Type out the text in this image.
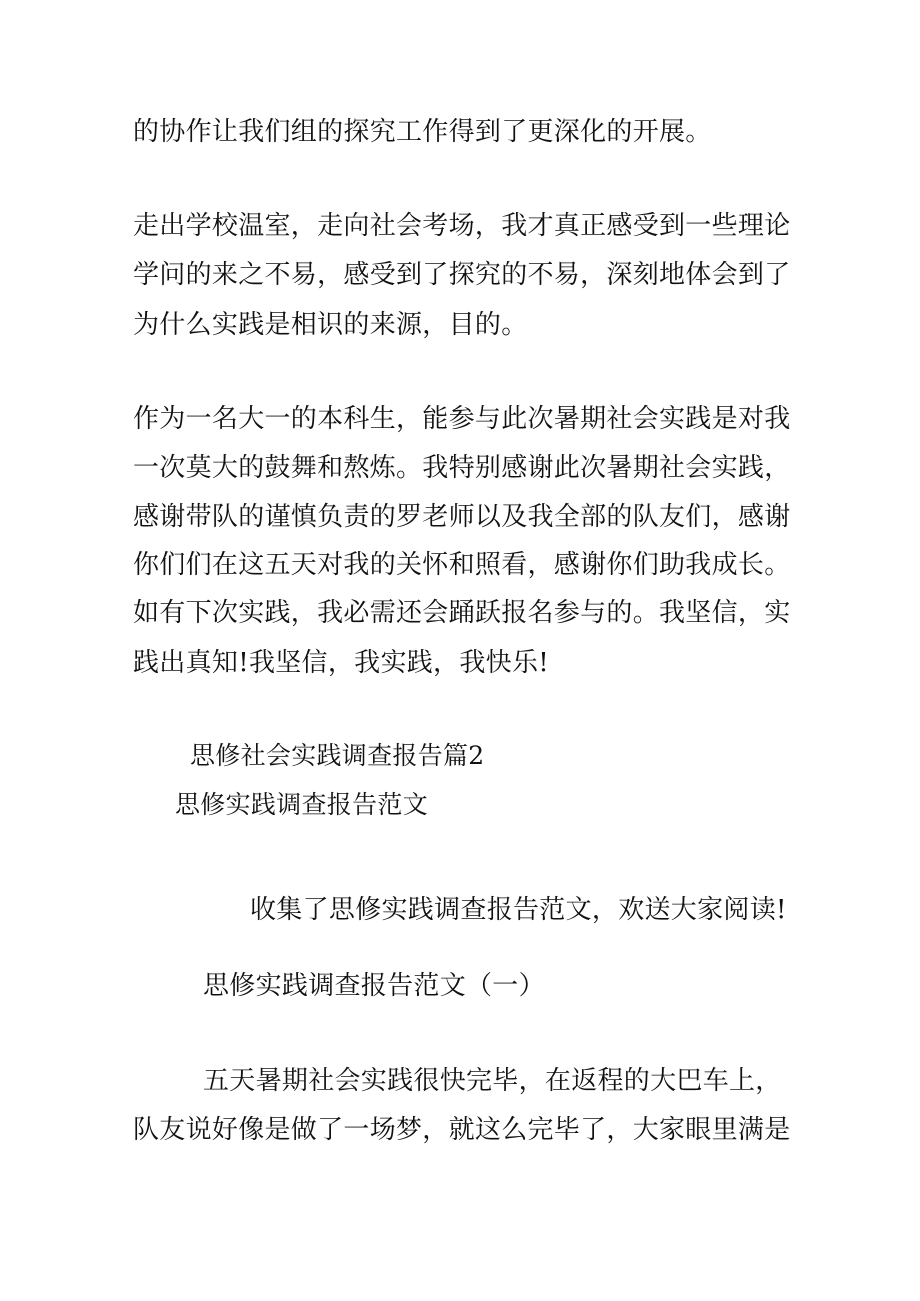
的协作让我们组的探究工作得到了更深化的开展。
走出学校温室，走向社会考场，我才真正感受到一些理论
学问的来之不易，感受到了探究的不易，深刻地体会到了
为什么实践是相识的来源，目的。
作为一名大一的本科生，能参与此次暑期社会实践是对我
一次莫大的鼓舞和熬炼。我特别感谢此次暑期社会实践，
感谢带队的谨慎负责的罗老师以及我全部的队友们，感谢
你们们在这五天对我的关怀和照看，感谢你们助我成长。
如有下次实践，我必需还会踊跃报名参与的。我坚信，实
践出真知!我坚信，我实践，我快乐!
思修社会实践调查报告篇2
思修实践调查报告范文
收集了思修实践调查报告范文，欢送大家阅读!
思修实践调查报告范文（一）
五天暑期社会实践很快完毕，在返程的大巴车上，
队友说好像是做了一场梦，就这么完毕了，大家眼里满是
